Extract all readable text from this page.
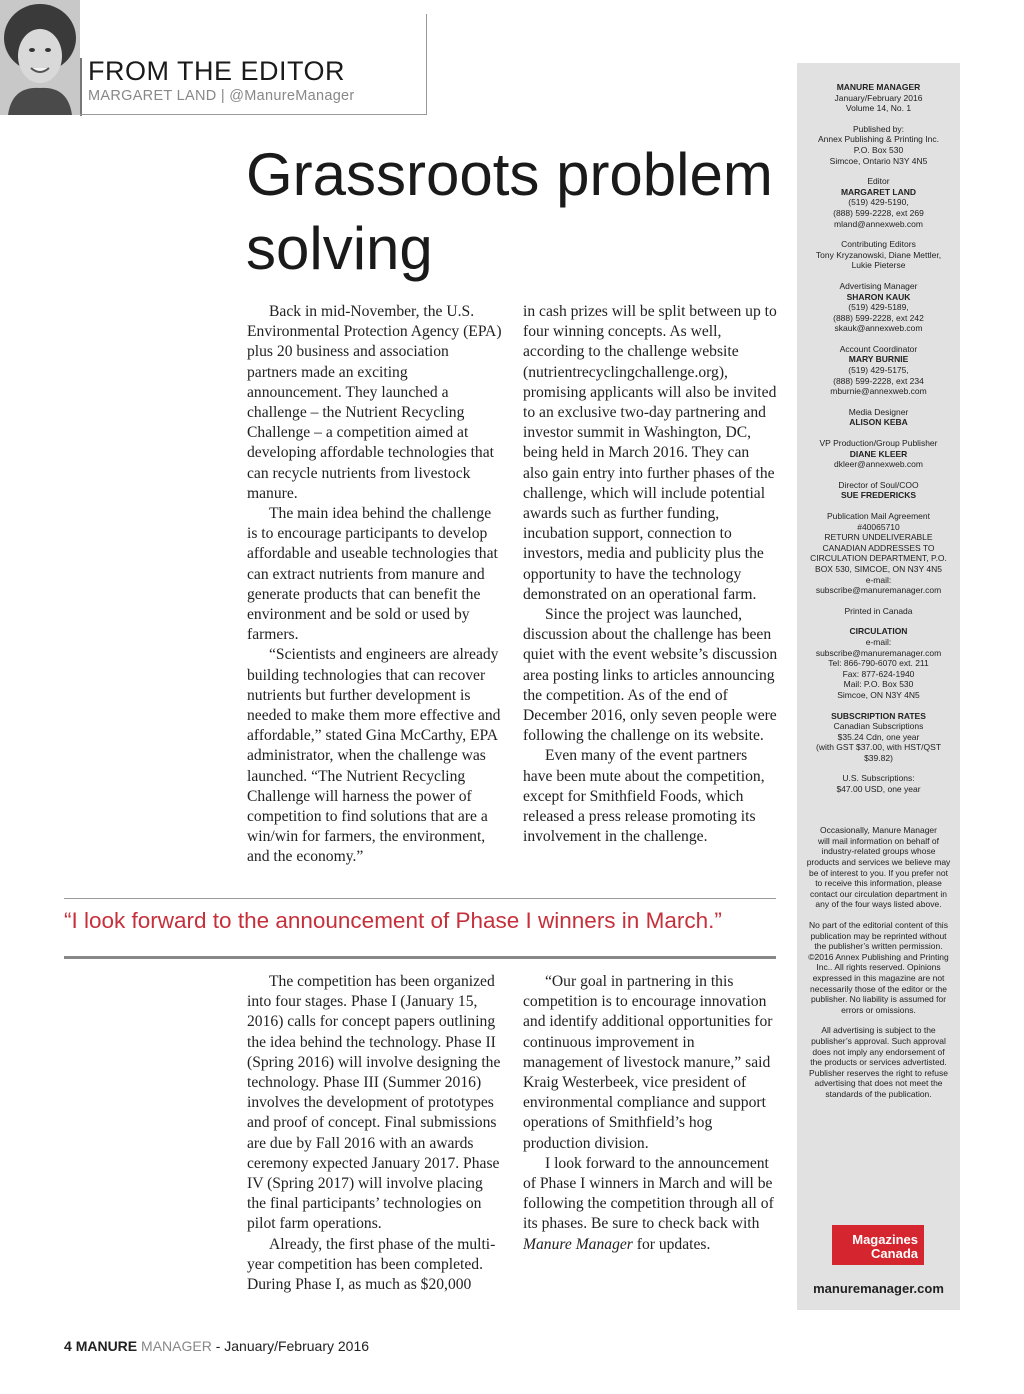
FROM THE EDITOR
MARGARET LAND | @ManureManager
Grassroots problem solving

Back in mid-November, the U.S. Environmental Protection Agency (EPA) plus 20 business and association partners made an exciting announcement. They launched a challenge – the Nutrient Recycling Challenge – a competition aimed at developing affordable technologies that can recycle nutrients from livestock manure.

The main idea behind the challenge is to encourage participants to develop affordable and useable technologies that can extract nutrients from manure and generate products that can benefit the environment and be sold or used by farmers.

“Scientists and engineers are already building technologies that can recover nutrients but further development is needed to make them more effective and affordable,” stated Gina McCarthy, EPA administrator, when the challenge was launched. “The Nutrient Recycling Challenge will harness the power of competition to find solutions that are a win/win for farmers, the environment, and the economy.”

in cash prizes will be split between up to four winning concepts. As well, according to the challenge website (nutrientrecyclingchallenge.org), promising applicants will also be invited to an exclusive two-day partnering and investor summit in Washington, DC, being held in March 2016. They can also gain entry into further phases of the challenge, which will include potential awards such as further funding, incubation support, connection to investors, media and publicity plus the opportunity to have the technology demonstrated on an operational farm.

Since the project was launched, discussion about the challenge has been quiet with the event website’s discussion area posting links to articles announcing the competition. As of the end of December 2016, only seven people were following the challenge on its website.

Even many of the event partners have been mute about the competition, except for Smithfield Foods, which released a press release promoting its involvement in the challenge.

“I look forward to the announcement of Phase I winners in March.”

The competition has been organized into four stages. Phase I (January 15, 2016) calls for concept papers outlining the idea behind the technology. Phase II (Spring 2016) will involve designing the technology. Phase III (Summer 2016) involves the development of prototypes and proof of concept. Final submissions are due by Fall 2016 with an awards ceremony expected January 2017. Phase IV (Spring 2017) will involve placing the final participants’ technologies on pilot farm operations.

Already, the first phase of the multi-year competition has been completed. During Phase I, as much as $20,000

“Our goal in partnering in this competition is to encourage innovation and identify additional opportunities for continuous improvement in management of livestock manure,” said Kraig Westerbeek, vice president of environmental compliance and support operations of Smithfield’s hog production division.

I look forward to the announcement of Phase I winners in March and will be following the competition through all of its phases. Be sure to check back with Manure Manager for updates.

MANURE MANAGER
January/February 2016
Volume 14, No. 1
Published by:
Annex Publishing & Printing Inc.
P.O. Box 530
Simcoe, Ontario N3Y 4N5
Editor
MARGARET LAND
(519) 429-5190,
(888) 599-2228, ext 269
mland@annexweb.com
Contributing Editors
Tony Kryzanowski, Diane Mettler,
Lukie Pieterse
Advertising Manager
SHARON KAUK
(519) 429-5189,
(888) 599-2228, ext 242
skauk@annexweb.com
Account Coordinator
MARY BURNIE
(519) 429-5175,
(888) 599-2228, ext 234
mburnie@annexweb.com
Media Designer
ALISON KEBA
VP Production/Group Publisher
DIANE KLEER
dkleer@annexweb.com
Director of Soul/COO
SUE FREDERICKS
Publication Mail Agreement
#40065710
RETURN UNDELIVERABLE
CANADIAN ADDRESSES TO
CIRCULATION DEPARTMENT, P.O.
BOX 530, SIMCOE, ON N3Y 4N5
e-mail: subscribe@manuremanager.com
Printed in Canada
CIRCULATION
e-mail: subscribe@manuremanager.com
Tel: 866-790-6070 ext. 211
Fax: 877-624-1940
Mail: P.O. Box 530
Simcoe, ON N3Y 4N5
SUBSCRIPTION RATES
Canadian Subscriptions
$35.24 Cdn, one year
(with GST $37.00, with HST/QST
$39.82)
U.S. Subscriptions:
$47.00 USD, one year

Occasionally, Manure Manager
will mail information on behalf of
industry-related groups whose
products and services we believe may
be of interest to you. If you prefer not
to receive this information, please
contact our circulation department in
any of the four ways listed above.
No part of the editorial content of this
publication may be reprinted without
the publisher’s written permission.
©2016 Annex Publishing and Printing
Inc.. All rights reserved. Opinions
expressed in this magazine are not
necessarily those of the editor or the
publisher. No liability is assumed for
errors or omissions.
All advertising is subject to the
publisher’s approval. Such approval
does not imply any endorsement of
the products or services advertisted.
Publisher reserves the right to refuse
advertising that does not meet the
standards of the publication.
Magazines
Canada
manuremanager.com
4 MANURE MANAGER - January/February 2016
